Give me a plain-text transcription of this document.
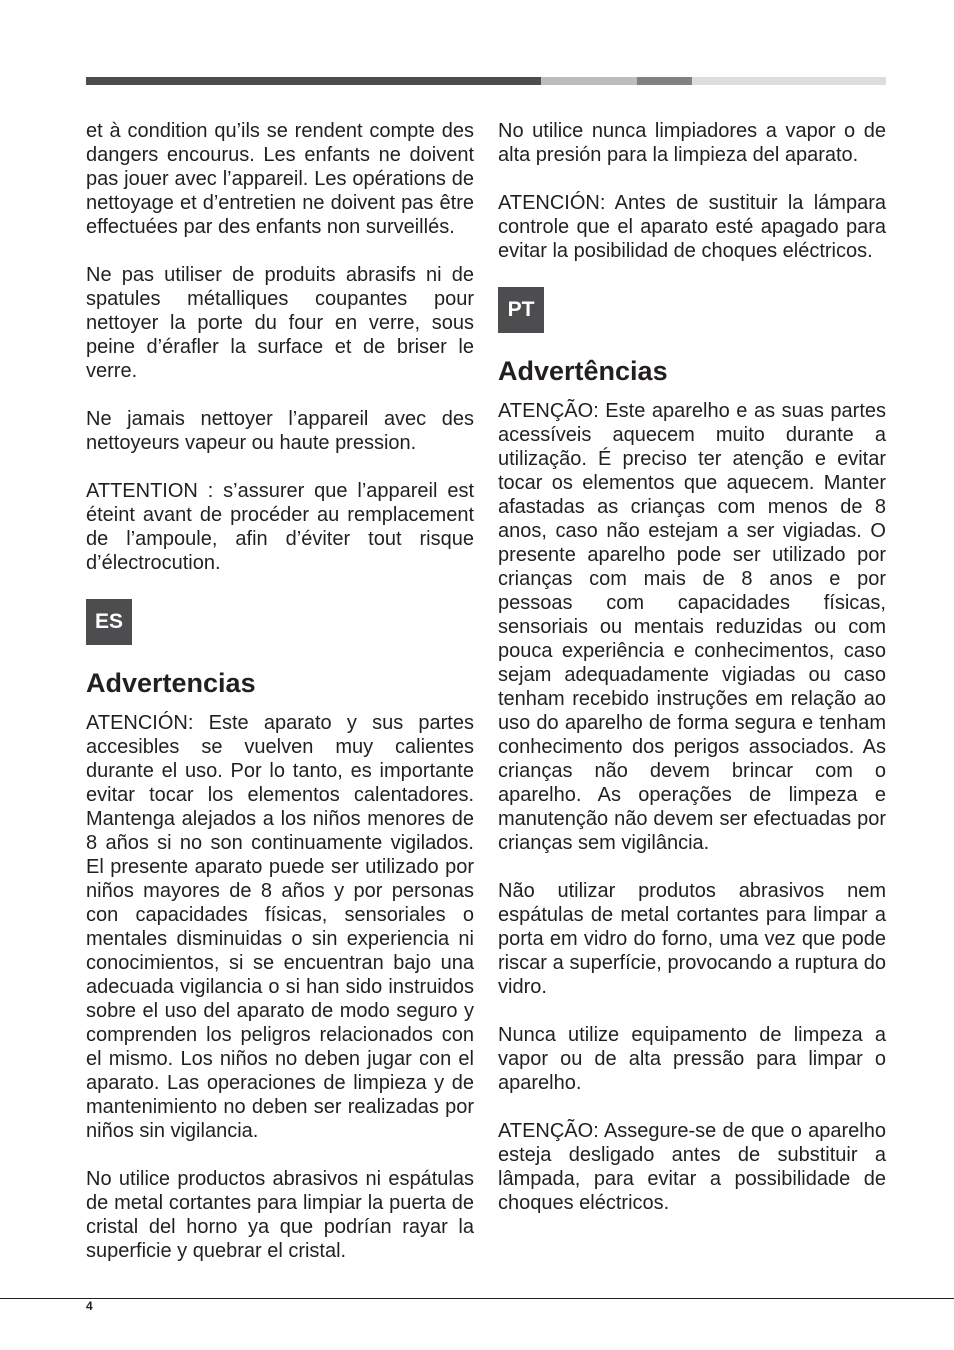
et à condition qu’ils se rendent compte des dangers encourus. Les enfants ne doivent pas jouer avec l’appareil. Les opérations de nettoyage et d’entretien ne doivent pas être effectuées par des enfants non surveillés.

Ne pas utiliser de produits abrasifs ni de spatules métalliques coupantes pour nettoyer la porte du four en verre, sous peine d’érafler la surface et de briser le verre.

Ne jamais nettoyer l’appareil avec des nettoyeurs vapeur ou haute pression.

ATTENTION : s’assurer que l’appareil est éteint avant de procéder au remplacement de l’ampoule, afin d’éviter tout risque d’électrocution.

ES
Advertencias

ATENCIÓN: Este aparato y sus partes accesibles se vuelven muy calientes durante el uso. Por lo tanto, es importante evitar tocar los elementos calentadores. Mantenga alejados a los niños menores de 8 años si no son continuamente vigilados. El presente aparato puede ser utilizado por niños mayores de 8 años y por personas con capacidades físicas, sensoriales o mentales disminuidas o sin experiencia ni conocimientos, si se encuentran bajo una adecuada vigilancia o si han sido instruidos sobre el uso del aparato de modo seguro y comprenden los peligros relacionados con el mismo. Los niños no deben jugar con el aparato. Las operaciones de limpieza y de mantenimiento no deben ser realizadas por niños sin vigilancia.

No utilice productos abrasivos ni espátulas de metal cortantes para limpiar la puerta de cristal del horno ya que podrían rayar la superficie y quebrar el cristal.

No utilice nunca limpiadores a vapor o de alta presión para la limpieza del aparato.

ATENCIÓN: Antes de sustituir la lámpara controle que el aparato esté apagado para evitar la posibilidad de choques eléctricos.

PT
Advertências

ATENÇÃO: Este aparelho e as suas partes acessíveis aquecem muito durante a utilização. É preciso ter atenção e evitar tocar os elementos que aquecem. Manter afastadas as crianças com menos de 8 anos, caso não estejam a ser vigiadas. O presente aparelho pode ser utilizado por crianças com mais de 8 anos e por pessoas com capacidades físicas, sensoriais ou mentais reduzidas ou com pouca experiência e conhecimentos, caso sejam adequadamente vigiadas ou caso tenham recebido instruções em relação ao uso do aparelho de forma segura e tenham conhecimento dos perigos associados. As crianças não devem brincar com o aparelho. As operações de limpeza e manutenção não devem ser efectuadas por crianças sem vigilância.

Não utilizar produtos abrasivos nem espátulas de metal cortantes para limpar a porta em vidro do forno, uma vez que pode riscar a superfície, provocando a ruptura do vidro.

Nunca utilize equipamento de limpeza a vapor ou de alta pressão para limpar o aparelho.

ATENÇÃO: Assegure-se de que o aparelho esteja desligado antes de substituir a lâmpada, para evitar a possibilidade de choques eléctricos.

4
